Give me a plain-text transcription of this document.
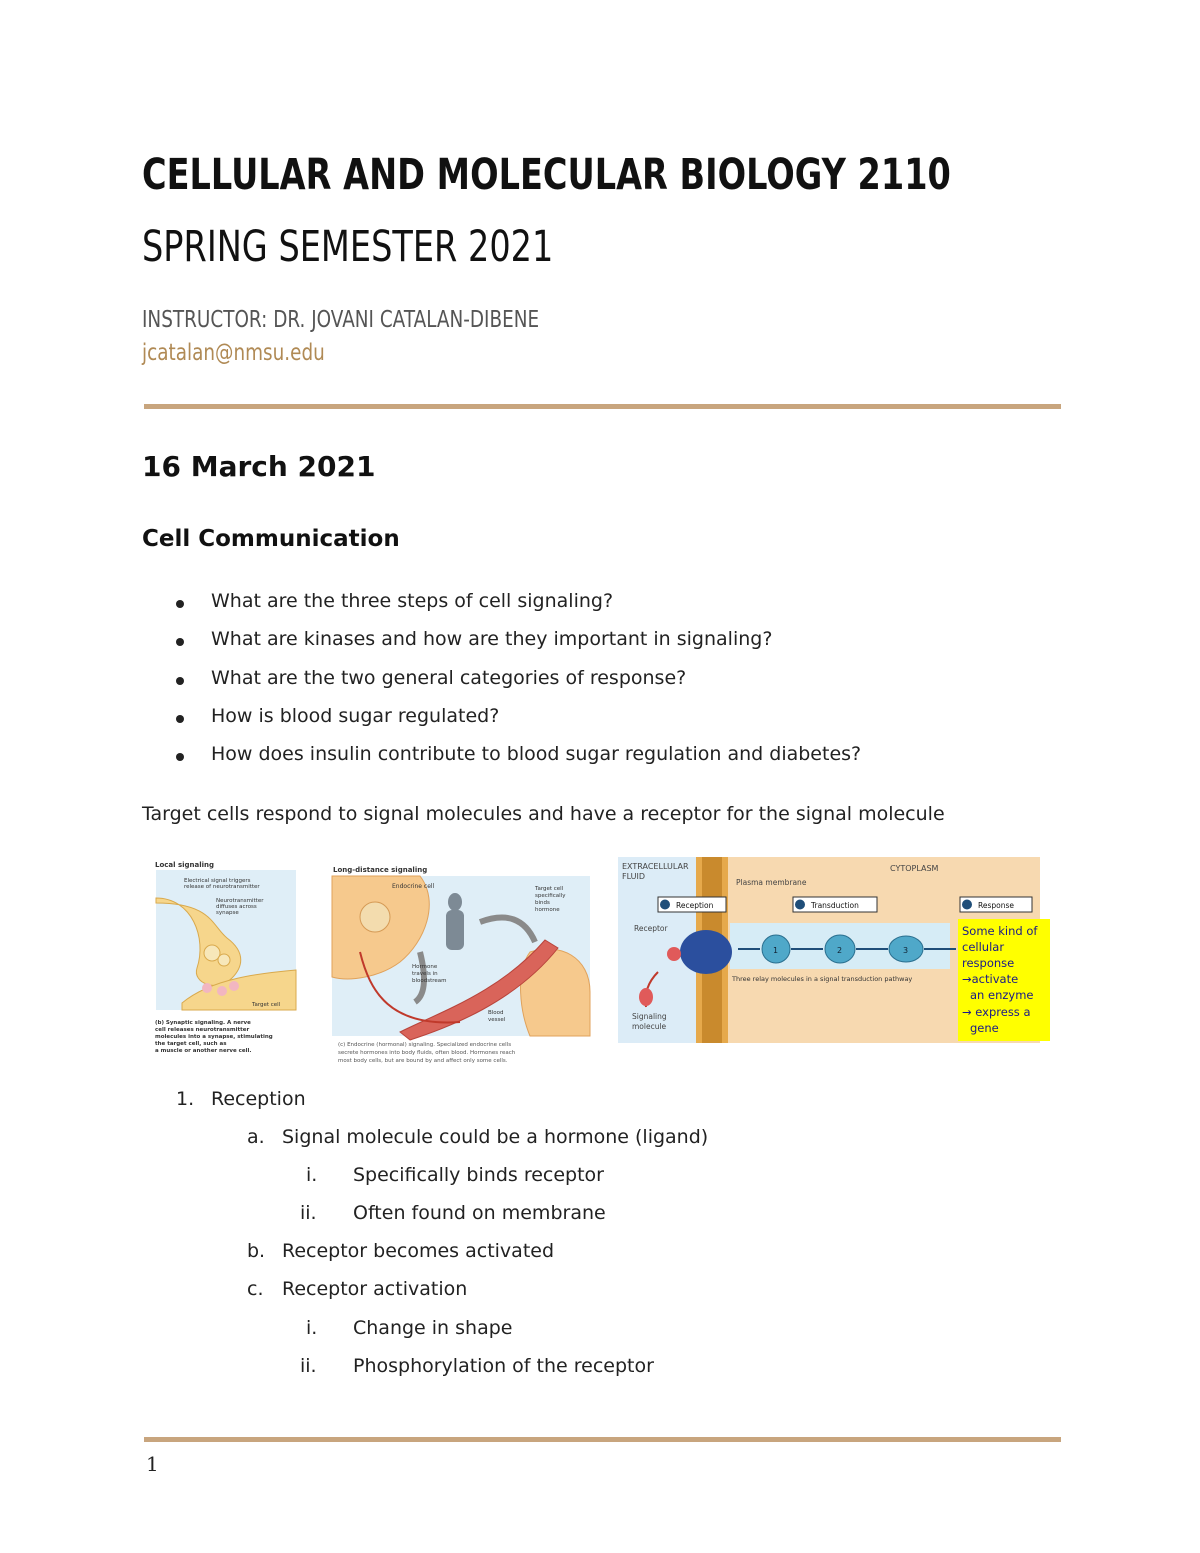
CELLULAR AND MOLECULAR BIOLOGY 2110
SPRING SEMESTER 2021
INSTRUCTOR: DR. JOVANI CATALAN-DIBENE
jcatalan@nmsu.edu
16 March 2021
Cell Communication
What are the three steps of cell signaling?
What are kinases and how are they important in signaling?
What are the two general categories of response?
How is blood sugar regulated?
How does insulin contribute to blood sugar regulation and diabetes?
Target cells respond to signal molecules and have a receptor for the signal molecule
Local signaling
Electrical signal triggers
release of neurotransmitter
Neurotransmitter
diffuses across
synapse
Target cell
(b) Synaptic signaling. A nerve
cell releases neurotransmitter
molecules into a synapse, stimulating
the target cell, such as
a muscle or another nerve cell.
Long-distance signaling
Endocrine cell	Target cell
specifically
binds
hormone
Hormone
travels in
bloodstream
Blood
vessel
(c) Endocrine (hormonal) signaling. Specialized endocrine cells
secrete hormones into body fluids, often blood. Hormones reach
most body cells, but are bound by and affect only some cells.
EXTRACELLULAR
FLUID
CYTOPLASM
Plasma membrane
Reception	Transduction	Response
Receptor
1	2	3
Three relay molecules in a signal transduction pathway
Signaling
molecule
Some kind of
cellular
response
→activate
an enzyme
→ express a
gene
1. Reception
a. Signal molecule could be a hormone (ligand)
i. Specifically binds receptor
ii. Often found on membrane
b. Receptor becomes activated
c. Receptor activation
i. Change in shape
ii. Phosphorylation of the receptor
1
